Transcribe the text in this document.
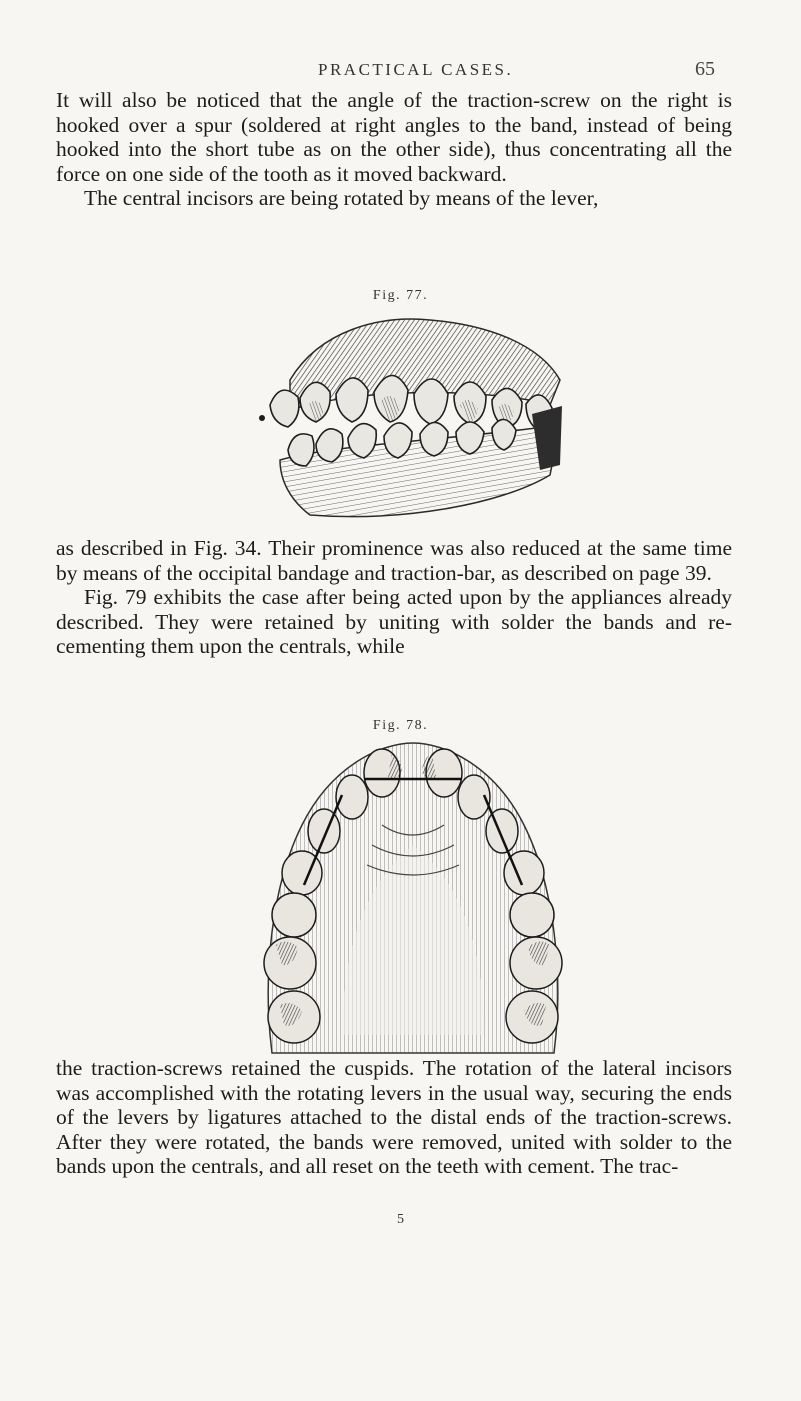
PRACTICAL CASES.	65

It will also be noticed that the angle of the traction-screw on the right is hooked over a spur (soldered at right angles to the band, instead of being hooked into the short tube as on the other side), thus concentrating all the force on one side of the tooth as it moved backward.

The central incisors are being rotated by means of the lever,

Fig. 77.

as described in Fig. 34. Their prominence was also reduced at the same time by means of the occipital bandage and traction-bar, as described on page 39.

Fig. 79 exhibits the case after being acted upon by the appliances already described. They were retained by uniting with solder the bands and re-cementing them upon the centrals, while

Fig. 78.

the traction-screws retained the cuspids. The rotation of the lateral incisors was accomplished with the rotating levers in the usual way, securing the ends of the levers by ligatures attached to the distal ends of the traction-screws. After they were rotated, the bands were removed, united with solder to the bands upon the centrals, and all reset on the teeth with cement. The trac-

5
